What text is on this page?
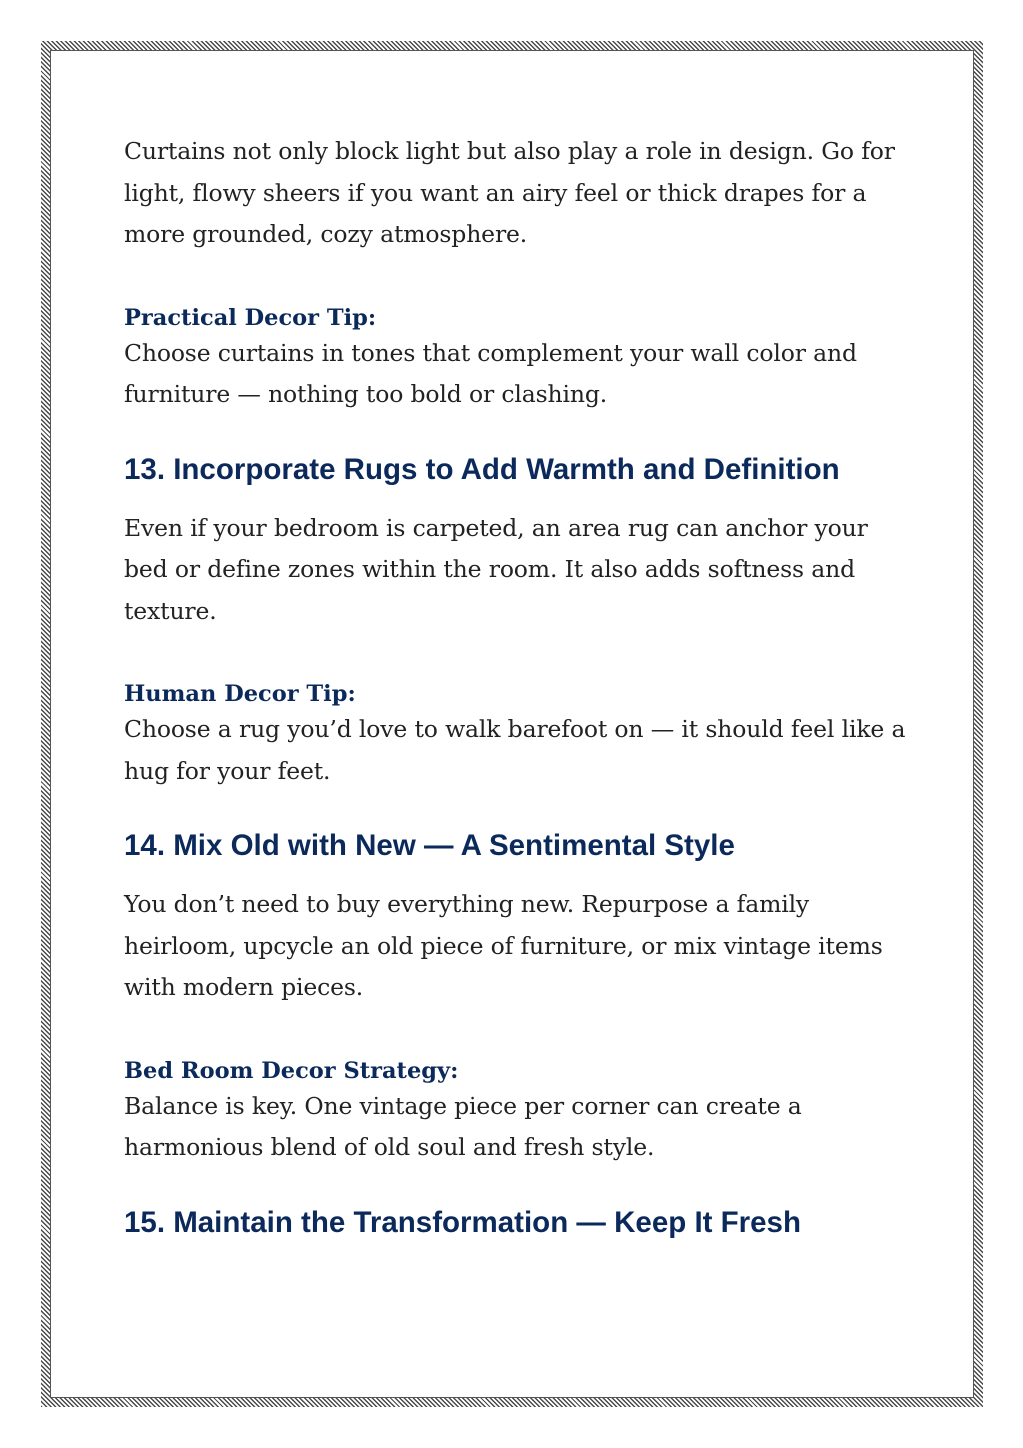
Curtains not only block light but also play a role in design. Go for light, flowy sheers if you want an airy feel or thick drapes for a more grounded, cozy atmosphere.

Practical Decor Tip:

Choose curtains in tones that complement your wall color and furniture — nothing too bold or clashing.

13. Incorporate Rugs to Add Warmth and Definition

Even if your bedroom is carpeted, an area rug can anchor your bed or define zones within the room. It also adds softness and texture.

Human Decor Tip:

Choose a rug you’d love to walk barefoot on — it should feel like a hug for your feet.

14. Mix Old with New — A Sentimental Style

You don’t need to buy everything new. Repurpose a family heirloom, upcycle an old piece of furniture, or mix vintage items with modern pieces.

Bed Room Decor Strategy:

Balance is key. One vintage piece per corner can create a harmonious blend of old soul and fresh style.

15. Maintain the Transformation — Keep It Fresh
